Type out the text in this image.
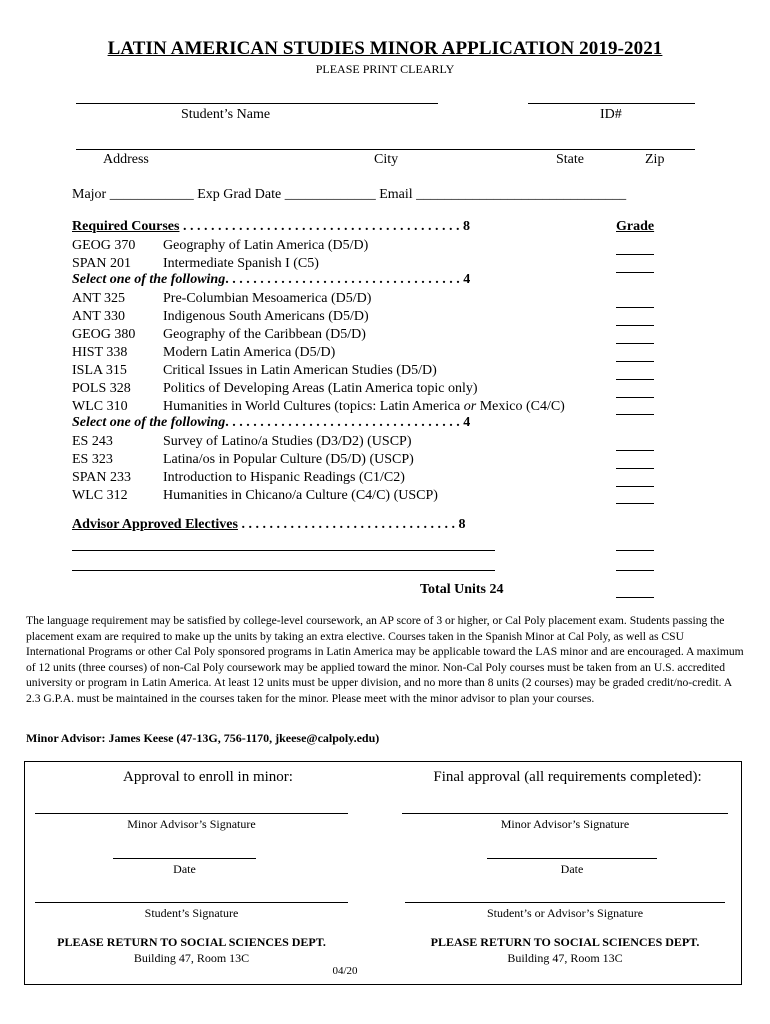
LATIN AMERICAN STUDIES MINOR APPLICATION 2019-2021
PLEASE PRINT CLEARLY
Student’s Name	ID#
Address	City	State	Zip
Major ____________ Exp Grad Date _____________ Email ______________________________
Required Courses . . . . . . . . . . . . . . . . . . . . . . . . . . . . . . . . . . . . . . . . 8	Grade
GEOG 370 Geography of Latin America (D5/D)
SPAN 201 Intermediate Spanish I (C5)
Select one of the following. . . . . . . . . . . . . . . . . . . . . . . . . . . . . . . . . . 4
ANT 325	Pre-Columbian Mesoamerica (D5/D)
ANT 330	Indigenous South Americans (D5/D)
GEOG 380 Geography of the Caribbean (D5/D)
HIST 338	Modern Latin America (D5/D)
ISLA 315	Critical Issues in Latin American Studies (D5/D)
POLS 328 Politics of Developing Areas (Latin America topic only)
WLC 310	Humanities in World Cultures (topics: Latin America or Mexico (C4/C)
Select one of the following. . . . . . . . . . . . . . . . . . . . . . . . . . . . . . . . . . 4
ES 243	Survey of Latino/a Studies (D3/D2) (USCP)
ES 323	Latina/os in Popular Culture (D5/D) (USCP)
SPAN 233 Introduction to Hispanic Readings (C1/C2)
WLC 312	Humanities in Chicano/a Culture (C4/C) (USCP)
Advisor Approved Electives . . . . . . . . . . . . . . . . . . . . . . . . . . . . . . . 8
Total Units 24
The language requirement may be satisfied by college-level coursework, an AP score of 3 or higher, or Cal Poly placement exam. Students passing the placement exam are required to make up the units by taking an extra elective. Courses taken in the Spanish Minor at Cal Poly, as well as CSU International Programs or other Cal Poly sponsored programs in Latin America may be applicable toward the LAS minor and are encouraged. A maximum of 12 units (three courses) of non-Cal Poly coursework may be applied toward the minor. Non-Cal Poly courses must be taken from an U.S. accredited university or program in Latin America. At least 12 units must be upper division, and no more than 8 units (2 courses) may be graded credit/no-credit. A 2.3 G.P.A. must be maintained in the courses taken for the minor. Please meet with the minor advisor to plan your courses.
Minor Advisor: James Keese (47-13G, 756-1170, jkeese@calpoly.edu)
Approval to enroll in minor:	Final approval (all requirements completed):
Minor Advisor’s Signature	Minor Advisor’s Signature
Date	Date
Student’s Signature	Student’s or Advisor’s Signature
PLEASE RETURN TO SOCIAL SCIENCES DEPT.	PLEASE RETURN TO SOCIAL SCIENCES DEPT.
Building 47, Room 13C	Building 47, Room 13C
04/20
